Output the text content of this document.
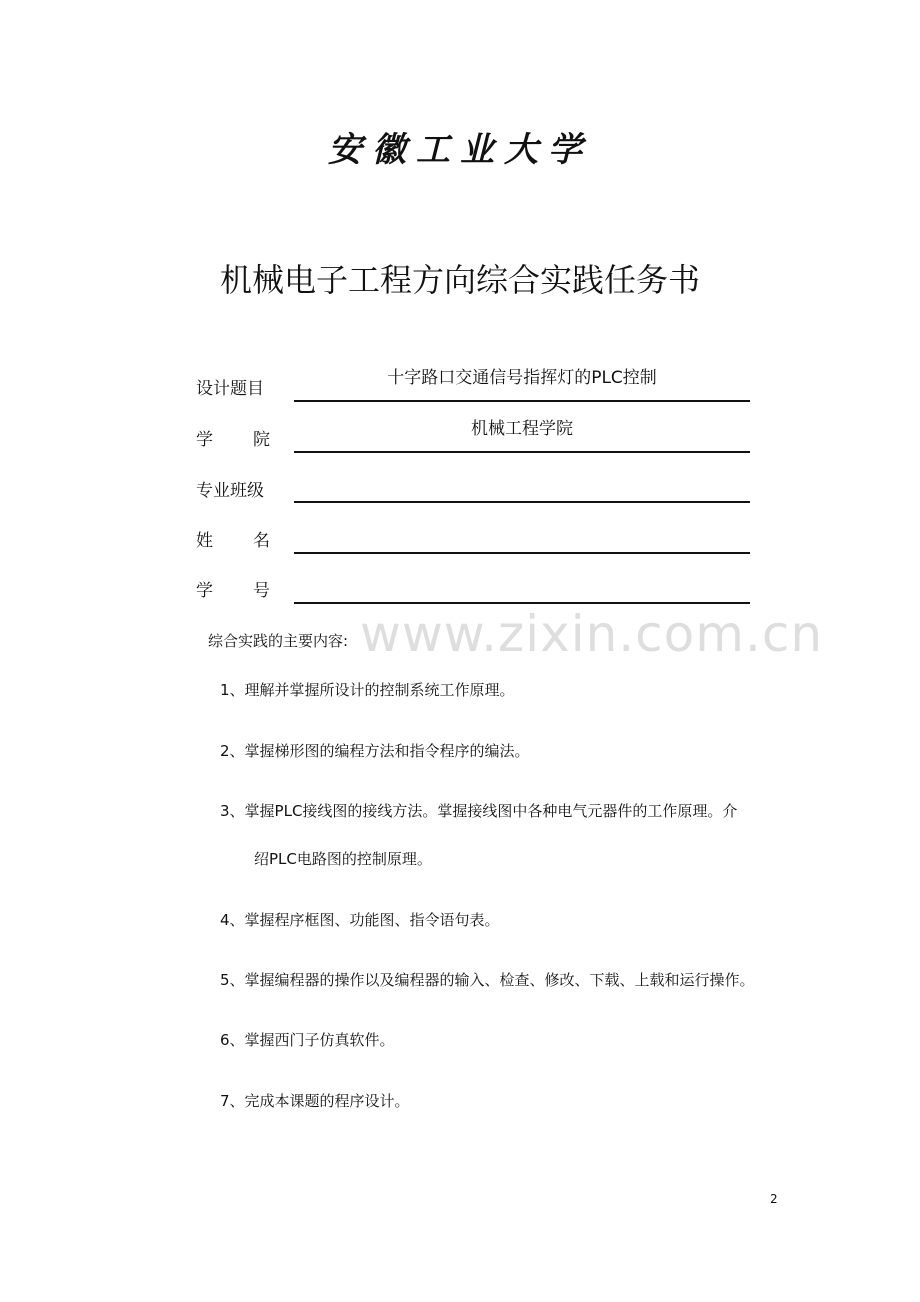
安徽工业大学
机械电子工程方向综合实践任务书
十字路口交通信号指挥灯的PLC控制
设计题目
机械工程学院
学 院
专业班级
姓 名
学 号
www.zixin.com.cn
综合实践的主要内容:
1、理解并掌握所设计的控制系统工作原理。
2、掌握梯形图的编程方法和指令程序的编法。
3、掌握PLC接线图的接线方法。掌握接线图中各种电气元器件的工作原理。介
绍PLC电路图的控制原理。
4、掌握程序框图、功能图、指令语句表。
5、掌握编程器的操作以及编程器的输入、检查、修改、下载、上载和运行操作。
6、掌握西门子仿真软件。
7、完成本课题的程序设计。
2
